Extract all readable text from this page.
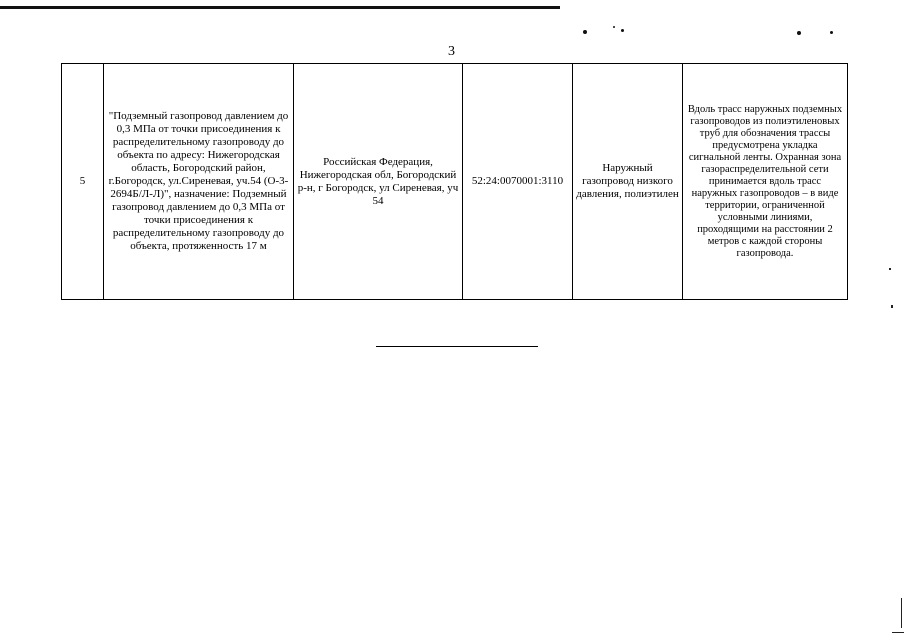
3
5	"Подземный газопровод давлением до 0,3 МПа от точки присоединения к распределительному газопроводу до объекта по адресу: Нижегородская область, Богородский район, г.Богородск, ул.Сиреневая, уч.54 (О-3-2694Б/Л-Л)", назначение: Подземный газопровод давлением до 0,3 МПа от точки присоединения к распределительному газопроводу до объекта, протяженность 17 м	Российская Федерация, Нижегородская обл, Богородский р-н, г Богородск, ул Сиреневая, уч 54	52:24:0070001:3110	Наружный газопровод низкого давления, полиэтилен	Вдоль трасс наружных подземных газопроводов из полиэтиленовых труб для обозначения трассы предусмотрена укладка сигнальной ленты. Охранная зона газораспределительной сети принимается вдоль трасс наружных газопроводов – в виде территории, ограниченной условными линиями, проходящими на расстоянии 2 метров с каждой стороны газопровода.
